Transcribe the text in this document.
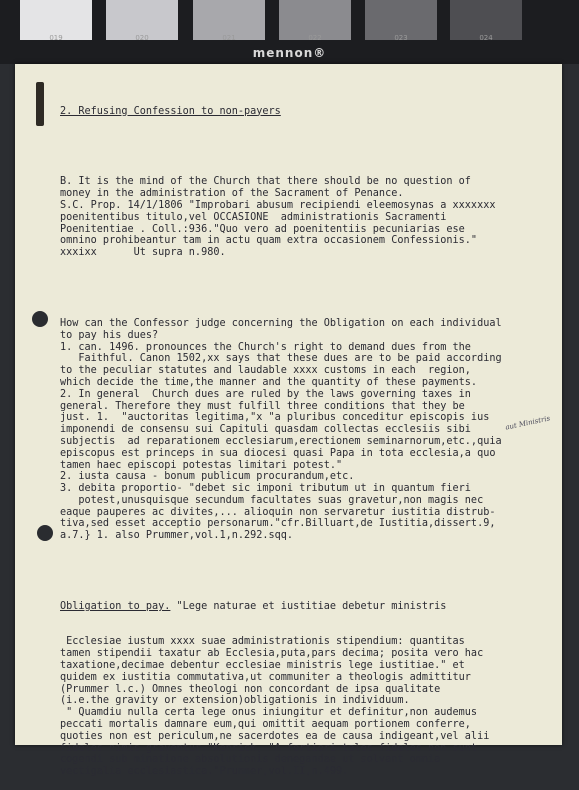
019	020	021	022	023	024
mennon®

2. Refusing Confession to non-payers

B. It is the mind of the Church that there should be no question of
money in the administration of the Sacrament of Penance.
S.C. Prop. 14/1/1806 "Improbari abusum recipiendi eleemosynas a xxxxxxx
poenitentibus titulo,vel OCCASIONE  administrationis Sacramenti
Poenitentiae . Coll.:936."Quo vero ad poenitentiis pecuniarias ese
omnino prohibeantur tam in actu quam extra occasionem Confessionis."
xxxixx      Ut supra n.980.

How can the Confessor judge concerning the Obligation on each individual
to pay his dues?
1. can. 1496. pronounces the Church's right to demand dues from the
Faithful. Canon 1502,xx says that these dues are to be paid according
to the peculiar statutes and laudable xxxx customs in each  region,
which decide the time,the manner and the quantity of these payments.
2. In general  Church dues are ruled by the laws governing taxes in
general. Therefore they must fulfill three conditions that they be
just. 1.  "auctoritas legitima,"x "a pluribus conceditur episcopis ius
imponendi de consensu sui Capituli quasdam collectas ecclesiis sibi
subjectis  ad reparationem ecclesiarum,erectionem seminarnorum,etc.,quia
episcopus est princeps in sua diocesi quasi Papa in tota ecclesia,a quo
tamen haec episcopi potestas limitari potest."
2. iusta causa - bonum publicum procurandum,etc.
3. debita proportio- "debet sic imponi tributum ut in quantum fieri
potest,unusquisque secundum facultates suas gravetur,non magis nec
eaque pauperes ac divites,... alioquin non servaretur iustitia distrub-
tiva,sed esset acceptio personarum."cfr.Billuart,de Iustitia,dissert.9,
a.7.} 1. also Prummer,vol.1,n.292.sqq.

Obligation to pay. "Lege naturae et iustitiae debetur ministris

Ecclesiae iustum xxxx suae administrationis stipendium: quantitas
tamen stipendii taxatur ab Ecclesia,puta,pars decima; posita vero hac
taxatione,decimae debentur ecclesiae ministris lege iustitiae." et
quidem ex iustitia commutativa,ut communiter a theologis admittitur
(Prummer l.c.) Omnes theologi non concordant de ipsa qualitate
(i.e.the gravity or extension)obligationis in individuum.
" Quamdiu nulla certa lege onus iniungitur et definitur,non audemus
peccati mortalis damnare eum,qui omittit aequam portionem conferre,
quoties non est periculum,ne sacerdotes ea de causa indigeant,vel alii
fideles nimis graventur."Kenrick, "A fortiori tales fideles non sunt
cogendi sub minatione absolutionis denegandae ut solvant omnia
vectigalia ecclesiastica."Prummer,vol.II,n.499.

aut Ministris
